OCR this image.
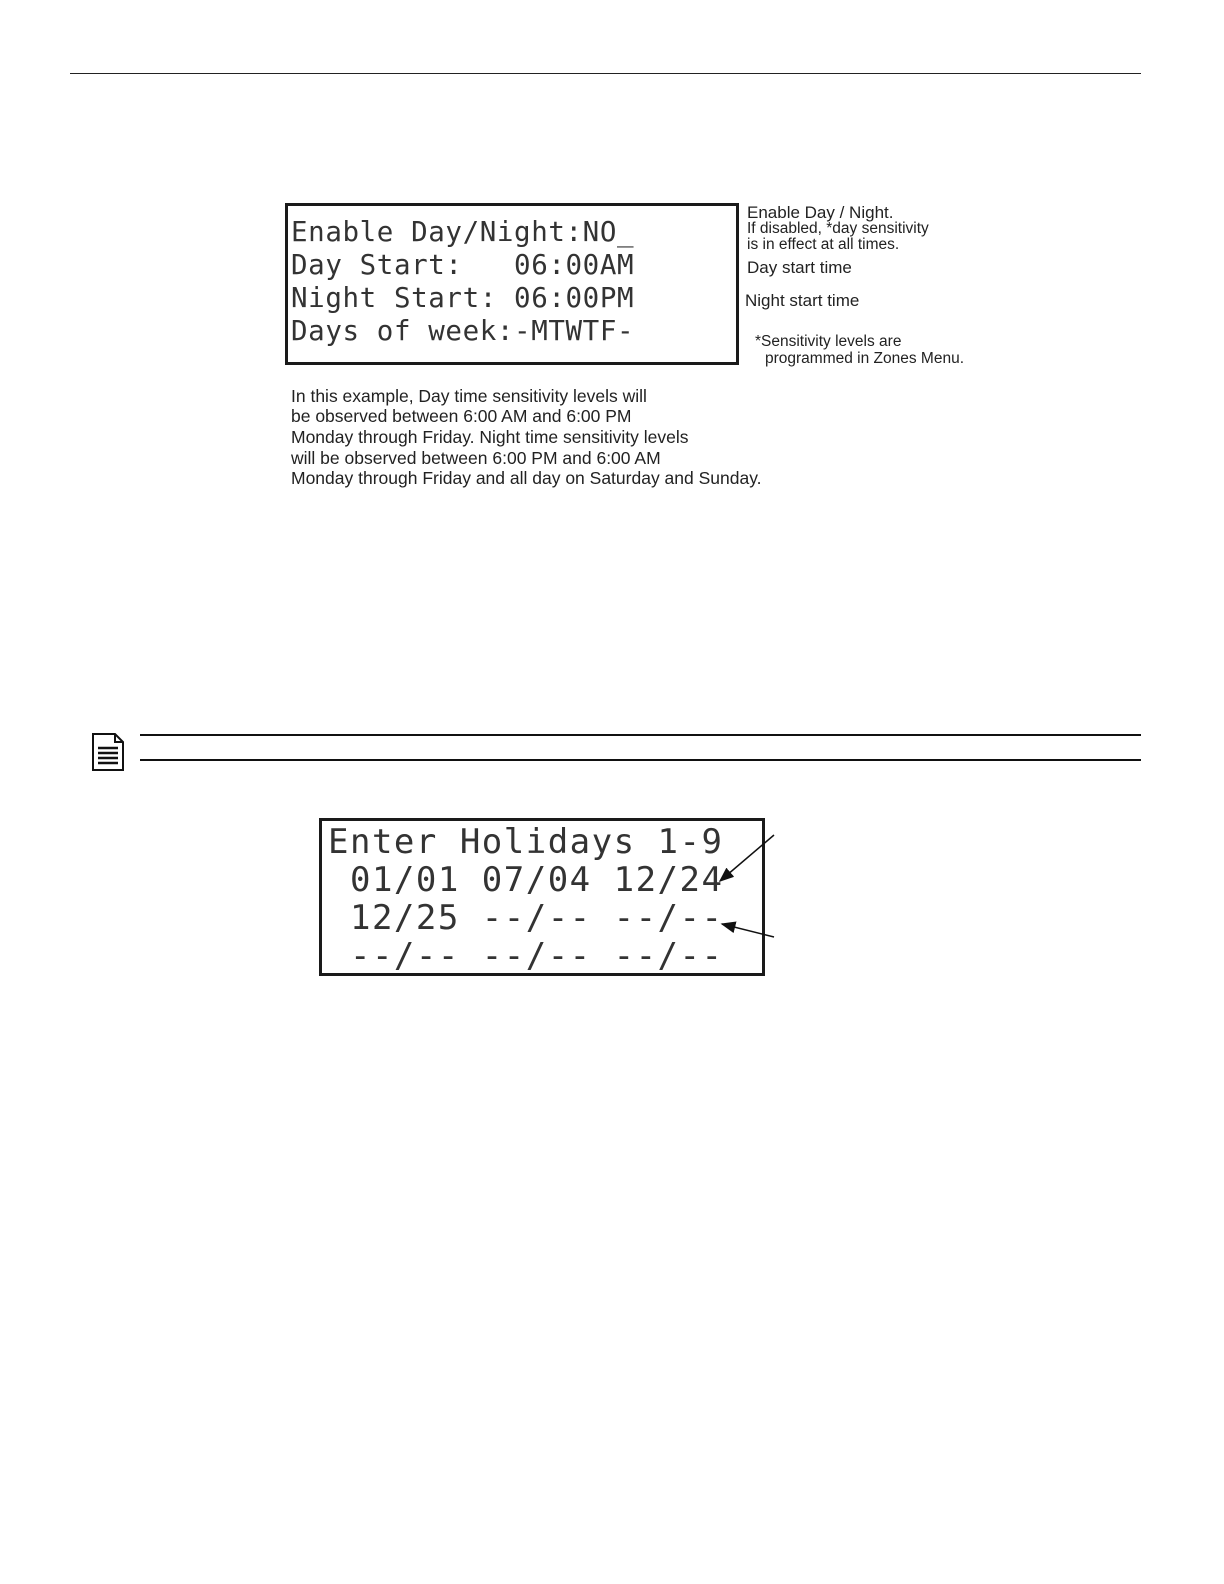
Enable Day/Night:NO_
Day Start:   06:00AM
Night Start: 06:00PM
Days of week:-MTWTF-
Enable Day / Night.
If disabled, *day sensitivity
is in effect at all times.
Day start time
Night start time
*Sensitivity levels are
programmed in Zones Menu.
In this example, Day time sensitivity levels will
be observed between 6:00 AM and 6:00 PM
Monday through Friday. Night time sensitivity levels
will be observed between 6:00 PM and 6:00 AM
Monday through Friday and all day on Saturday and Sunday.
Enter Holidays 1-9
01/01 07/04 12/24
12/25 --/-- --/--
--/-- --/-- --/--
